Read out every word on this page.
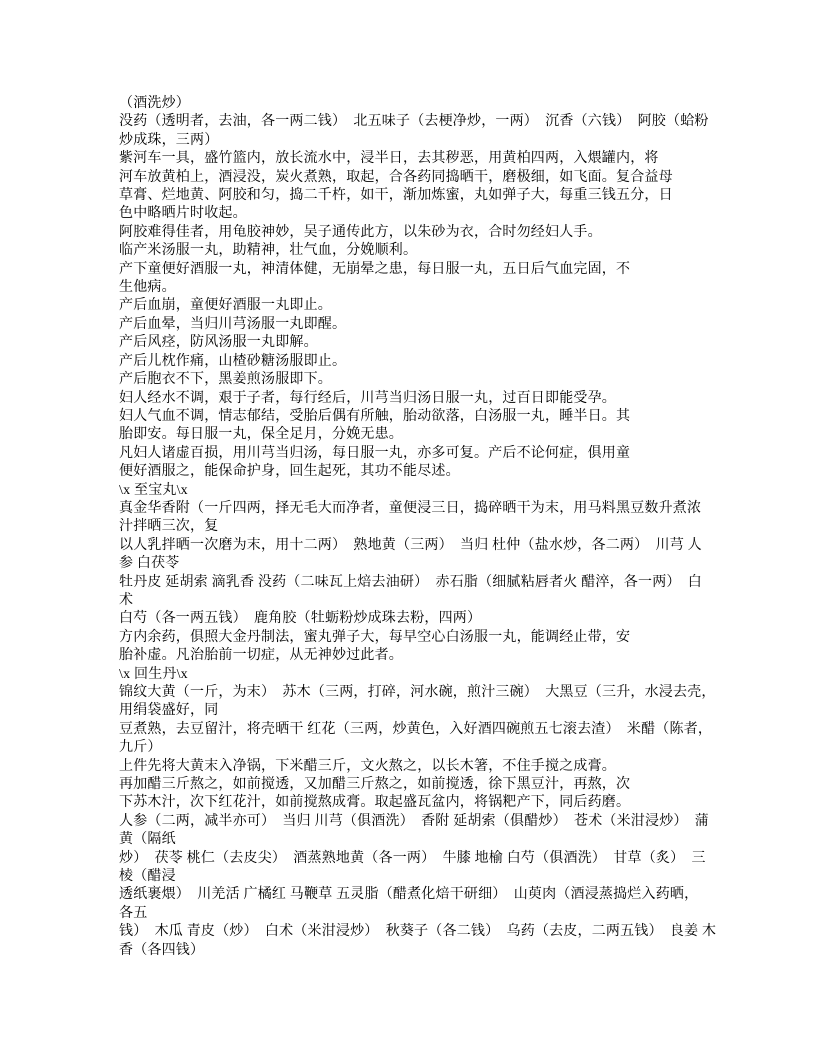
（酒洗炒）
没药（透明者，去油，各一两二钱）　北五味子（去梗净炒，一两）　沉香（六钱）　阿胶（蛤粉
炒成珠，三两）
紫河车一具，盛竹篮内，放长流水中，浸半日，去其秽恶，用黄柏四两，入煨罐内，将
河车放黄柏上，酒浸没，炭火煮熟，取起，合各药同捣晒干，磨极细，如飞面。复合益母
草膏、烂地黄、阿胶和匀，捣二千杵，如干，渐加炼蜜，丸如弹子大，每重三钱五分，日
色中略晒片时收起。
阿胶难得佳者，用龟胶神妙，吴子通传此方，以朱砂为衣，合时勿经妇人手。
临产米汤服一丸，助精神，壮气血，分娩顺利。
产下童便好酒服一丸，神清体健，无崩晕之患，每日服一丸，五日后气血完固，不
生他病。
产后血崩，童便好酒服一丸即止。
产后血晕，当归川芎汤服一丸即醒。
产后风痉，防风汤服一丸即解。
产后儿枕作痛，山楂砂糖汤服即止。
产后胞衣不下，黑姜煎汤服即下。
妇人经水不调，艰于子者，每行经后，川芎当归汤日服一丸，过百日即能受孕。
妇人气血不调，情志郁结，受胎后偶有所触，胎动欲落，白汤服一丸，睡半日。其
胎即安。每日服一丸，保全足月，分娩无患。
凡妇人诸虚百损，用川芎当归汤，每日服一丸，亦多可复。产后不论何症，俱用童
便好酒服之，能保命护身，回生起死，其功不能尽述。
\x 至宝丸\x
真金华香附（一斤四两，择无毛大而净者，童便浸三日，捣碎晒干为末，用马料黑豆数升煮浓
汁拌晒三次，复
以人乳拌晒一次磨为末，用十二两）　熟地黄（三两）　当归 杜仲（盐水炒，各二两）　川芎 人
参 白茯苓
牡丹皮 延胡索 滴乳香 没药（二味瓦上焙去油研）　赤石脂（细腻粘唇者火 醋淬，各一两）　白
术
白芍（各一两五钱）　鹿角胶（牡蛎粉炒成珠去粉，四两）
方内余药，俱照大金丹制法，蜜丸弹子大，每早空心白汤服一丸，能调经止带，安
胎补虚。凡治胎前一切症，从无神妙过此者。
\x 回生丹\x
锦纹大黄（一斤，为末）　苏木（三两，打碎，河水碗，煎汁三碗）　大黑豆（三升，水浸去壳，
用绢袋盛好，同
豆煮熟，去豆留汁，将壳晒干 红花（三两，炒黄色，入好酒四碗煎五七滚去渣）　米醋（陈者，
九斤）
上件先将大黄末入净锅，下米醋三斤，文火熬之，以长木箸，不住手搅之成膏。
再加醋三斤熬之，如前搅透，又加醋三斤熬之，如前搅透，徐下黑豆汁，再熬，次
下苏木汁，次下红花汁，如前搅熬成膏。取起盛瓦盆内，将锅粑产下，同后药磨。
人参（二两，减半亦可）　当归 川芎（俱酒洗）　香附 延胡索（俱醋炒）　苍术（米泔浸炒）　蒲
黄（隔纸
炒）　茯苓 桃仁（去皮尖）　酒蒸熟地黄（各一两）　牛膝 地榆 白芍（俱酒洗）　甘草（炙）　三
棱（醋浸
透纸裹煨）　川羌活 广橘红 马鞭草 五灵脂（醋煮化焙干研细）　山萸肉（酒浸蒸捣烂入药晒，
各五
钱）　木瓜 青皮（炒）　白术（米泔浸炒）　秋葵子（各二钱）　乌药（去皮，二两五钱）　良姜 木
香（各四钱）
